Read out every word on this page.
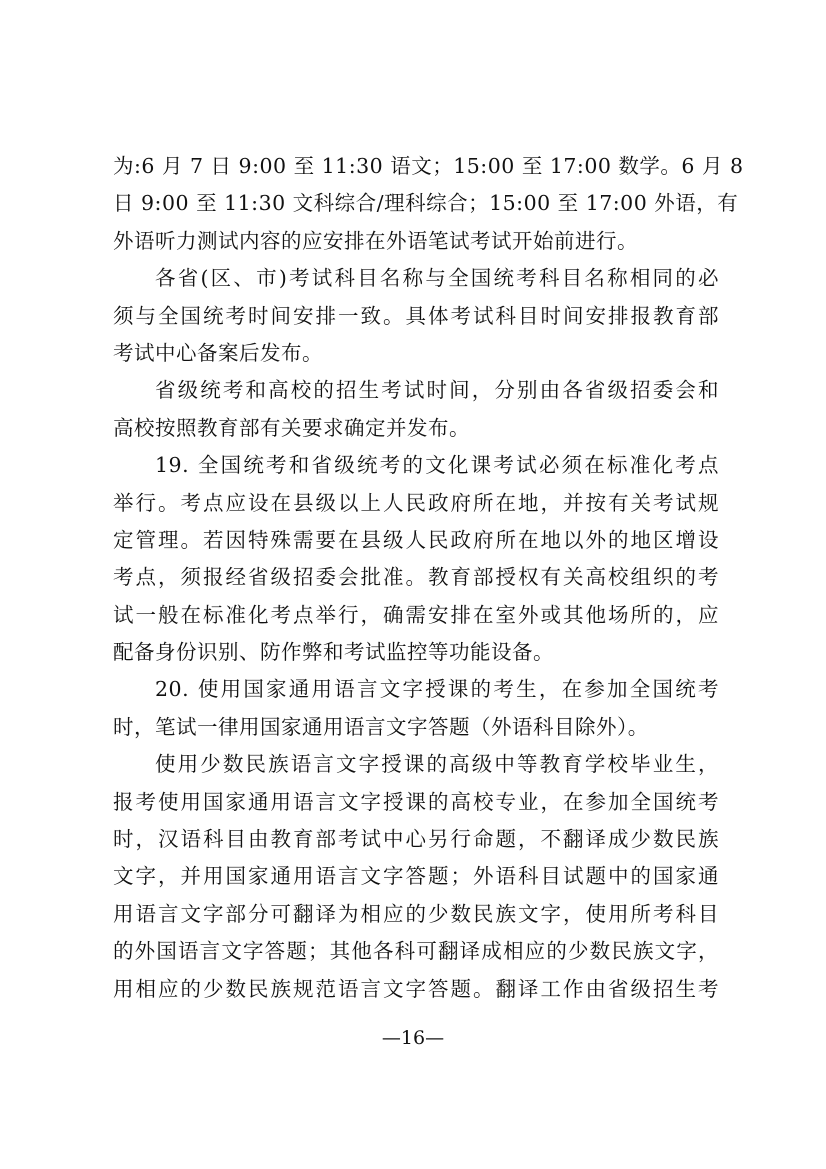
为:6 月 7 日 9:00 至 11:30 语文；15:00 至 17:00 数学。6 月 8
日 9:00 至 11:30 文科综合/理科综合；15:00 至 17:00 外语，有
外语听力测试内容的应安排在外语笔试考试开始前进行。
各省(区、市)考试科目名称与全国统考科目名称相同的必
须与全国统考时间安排一致。具体考试科目时间安排报教育部
考试中心备案后发布。
省级统考和高校的招生考试时间，分别由各省级招委会和
高校按照教育部有关要求确定并发布。
19. 全国统考和省级统考的文化课考试必须在标准化考点
举行。考点应设在县级以上人民政府所在地，并按有关考试规
定管理。若因特殊需要在县级人民政府所在地以外的地区增设
考点，须报经省级招委会批准。教育部授权有关高校组织的考
试一般在标准化考点举行，确需安排在室外或其他场所的，应
配备身份识别、防作弊和考试监控等功能设备。
20. 使用国家通用语言文字授课的考生，在参加全国统考
时，笔试一律用国家通用语言文字答题（外语科目除外）。
使用少数民族语言文字授课的高级中等教育学校毕业生，
报考使用国家通用语言文字授课的高校专业，在参加全国统考
时，汉语科目由教育部考试中心另行命题，不翻译成少数民族
文字，并用国家通用语言文字答题；外语科目试题中的国家通
用语言文字部分可翻译为相应的少数民族文字，使用所考科目
的外国语言文字答题；其他各科可翻译成相应的少数民族文字，
用相应的少数民族规范语言文字答题。翻译工作由省级招生考
—16—
